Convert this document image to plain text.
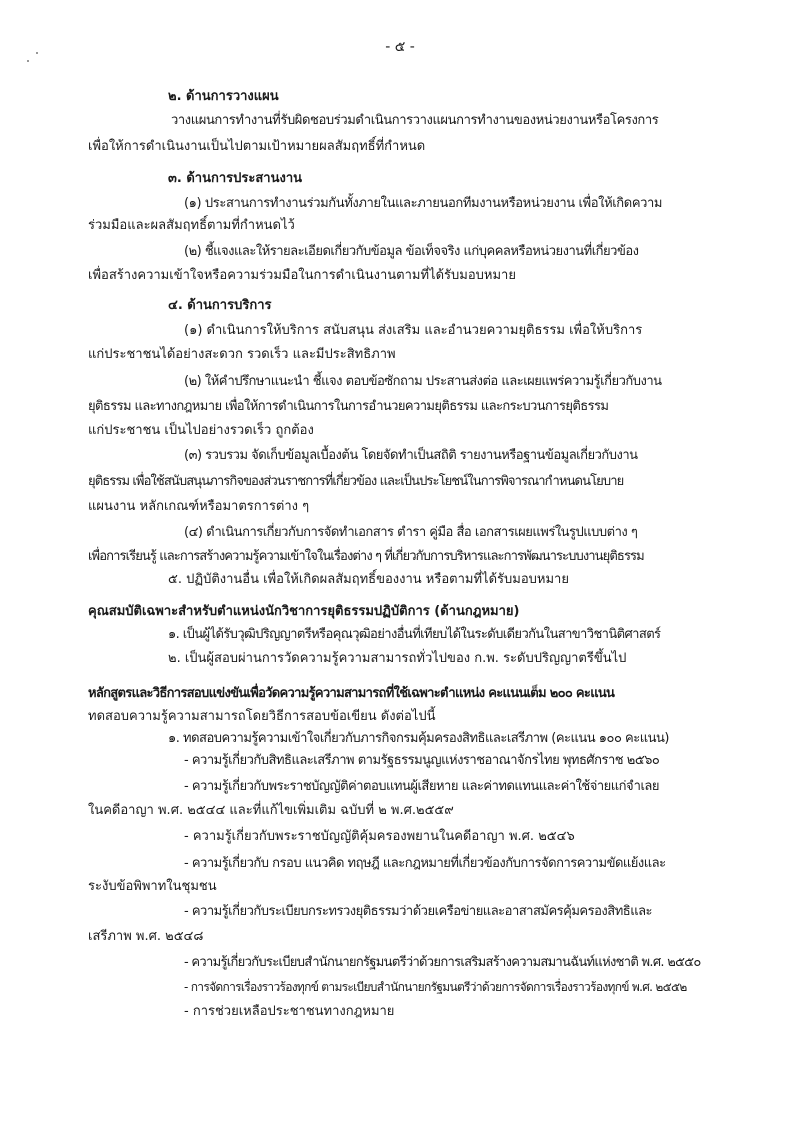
- ๕ -
๒. ด้านการวางแผน
วางแผนการทำงานที่รับผิดชอบร่วมดำเนินการวางแผนการทำงานของหน่วยงานหรือโครงการ
เพื่อให้การดำเนินงานเป็นไปตามเป้าหมายผลสัมฤทธิ์ที่กำหนด
๓. ด้านการประสานงาน
(๑) ประสานการทำงานร่วมกันทั้งภายในและภายนอกทีมงานหรือหน่วยงาน เพื่อให้เกิดความ
ร่วมมือและผลสัมฤทธิ์ตามที่กำหนดไว้
(๒) ชี้แจงและให้รายละเอียดเกี่ยวกับข้อมูล ข้อเท็จจริง แก่บุคคลหรือหน่วยงานที่เกี่ยวข้อง
เพื่อสร้างความเข้าใจหรือความร่วมมือในการดำเนินงานตามที่ได้รับมอบหมาย
๔. ด้านการบริการ
(๑) ดำเนินการให้บริการ สนับสนุน ส่งเสริม และอำนวยความยุติธรรม เพื่อให้บริการ
แก่ประชาชนได้อย่างสะดวก รวดเร็ว และมีประสิทธิภาพ
(๒) ให้คำปรึกษาแนะนำ ชี้แจง ตอบข้อซักถาม ประสานส่งต่อ และเผยแพร่ความรู้เกี่ยวกับงาน
ยุติธรรม และทางกฎหมาย เพื่อให้การดำเนินการในการอำนวยความยุติธรรม และกระบวนการยุติธรรม
แก่ประชาชน เป็นไปอย่างรวดเร็ว ถูกต้อง
(๓) รวบรวม จัดเก็บข้อมูลเบื้องต้น โดยจัดทำเป็นสถิติ รายงานหรือฐานข้อมูลเกี่ยวกับงาน
ยุติธรรม เพื่อใช้สนับสนุนภารกิจของส่วนราชการที่เกี่ยวข้อง และเป็นประโยชน์ในการพิจารณากำหนดนโยบาย
แผนงาน หลักเกณฑ์หรือมาตรการต่าง ๆ
(๔) ดำเนินการเกี่ยวกับการจัดทำเอกสาร ตำรา คู่มือ สื่อ เอกสารเผยแพร่ในรูปแบบต่าง ๆ
เพื่อการเรียนรู้ และการสร้างความรู้ความเข้าใจในเรื่องต่าง ๆ ที่เกี่ยวกับการบริหารและการพัฒนาระบบงานยุติธรรม
๕. ปฏิบัติงานอื่น เพื่อให้เกิดผลสัมฤทธิ์ของงาน หรือตามที่ได้รับมอบหมาย
คุณสมบัติเฉพาะสำหรับตำแหน่งนักวิชาการยุติธรรมปฏิบัติการ (ด้านกฎหมาย)
๑. เป็นผู้ได้รับวุฒิปริญญาตรีหรือคุณวุฒิอย่างอื่นที่เทียบได้ในระดับเดียวกันในสาขาวิชานิติศาสตร์
๒. เป็นผู้สอบผ่านการวัดความรู้ความสามารถทั่วไปของ ก.พ. ระดับปริญญาตรีขึ้นไป
หลักสูตรและวิธีการสอบแข่งขันเพื่อวัดความรู้ความสามารถที่ใช้เฉพาะตำแหน่ง คะแนนเต็ม ๒๐๐ คะแนน
ทดสอบความรู้ความสามารถโดยวิธีการสอบข้อเขียน ดังต่อไปนี้
๑. ทดสอบความรู้ความเข้าใจเกี่ยวกับภารกิจกรมคุ้มครองสิทธิและเสรีภาพ (คะแนน ๑๐๐ คะแนน)
- ความรู้เกี่ยวกับสิทธิและเสรีภาพ ตามรัฐธรรมนูญแห่งราชอาณาจักรไทย พุทธศักราช ๒๕๖๐
- ความรู้เกี่ยวกับพระราชบัญญัติค่าตอบแทนผู้เสียหาย และค่าทดแทนและค่าใช้จ่ายแก่จำเลย
ในคดีอาญา พ.ศ. ๒๕๔๔ และที่แก้ไขเพิ่มเติม ฉบับที่ ๒ พ.ศ.๒๕๕๙
- ความรู้เกี่ยวกับพระราชบัญญัติคุ้มครองพยานในคดีอาญา พ.ศ. ๒๕๔๖
- ความรู้เกี่ยวกับ กรอบ แนวคิด ทฤษฎี และกฎหมายที่เกี่ยวข้องกับการจัดการความขัดแย้งและ
ระงับข้อพิพาทในชุมชน
- ความรู้เกี่ยวกับระเบียบกระทรวงยุติธรรมว่าด้วยเครือข่ายและอาสาสมัครคุ้มครองสิทธิและ
เสรีภาพ พ.ศ. ๒๕๔๘
- ความรู้เกี่ยวกับระเบียบสำนักนายกรัฐมนตรีว่าด้วยการเสริมสร้างความสมานฉันท์แห่งชาติ พ.ศ. ๒๕๕๐
- การจัดการเรื่องราวร้องทุกข์ ตามระเบียบสำนักนายกรัฐมนตรีว่าด้วยการจัดการเรื่องราวร้องทุกข์ พ.ศ. ๒๕๕๒
- การช่วยเหลือประชาชนทางกฎหมาย
